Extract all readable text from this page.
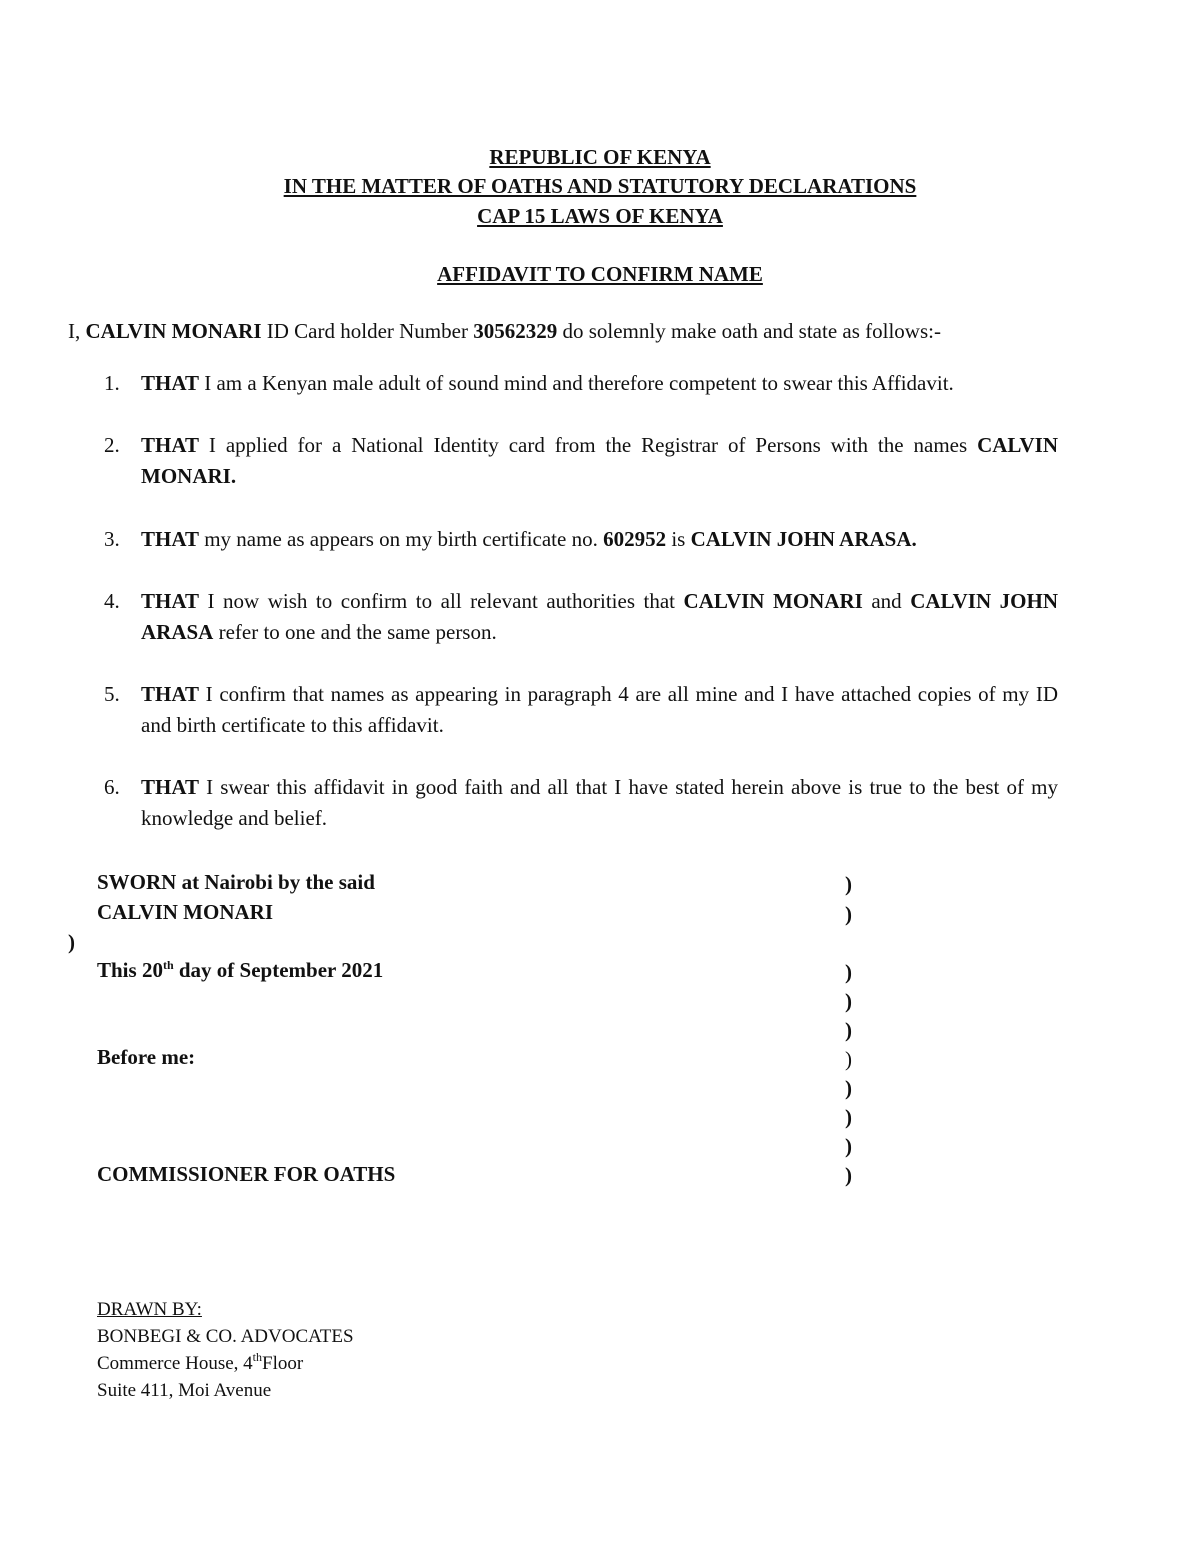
REPUBLIC OF KENYA
IN THE MATTER OF OATHS AND STATUTORY DECLARATIONS
CAP 15 LAWS OF KENYA
AFFIDAVIT TO CONFIRM NAME
I, CALVIN MONARI ID Card holder Number 30562329 do solemnly make oath and state as follows:-
1. THAT I am a Kenyan male adult of sound mind and therefore competent to swear this Affidavit.
2. THAT I applied for a National Identity card from the Registrar of Persons with the names CALVIN MONARI.
3. THAT my name as appears on my birth certificate no. 602952 is CALVIN JOHN ARASA.
4. THAT I now wish to confirm to all relevant authorities that CALVIN MONARI and CALVIN JOHN ARASA refer to one and the same person.
5. THAT I confirm that names as appearing in paragraph 4 are all mine and I have attached copies of my ID and birth certificate to this affidavit.
6. THAT I swear this affidavit in good faith and all that I have stated herein above is true to the best of my knowledge and belief.
SWORN at Nairobi by the said
CALVIN MONARI
This 20th day of September 2021
Before me:
COMMISSIONER FOR OATHS
)
)
)
)
)
)
)
)
)
)
)
DRAWN BY:
BONBEGI & CO. ADVOCATES
Commerce House, 4thFloor
Suite 411, Moi Avenue
